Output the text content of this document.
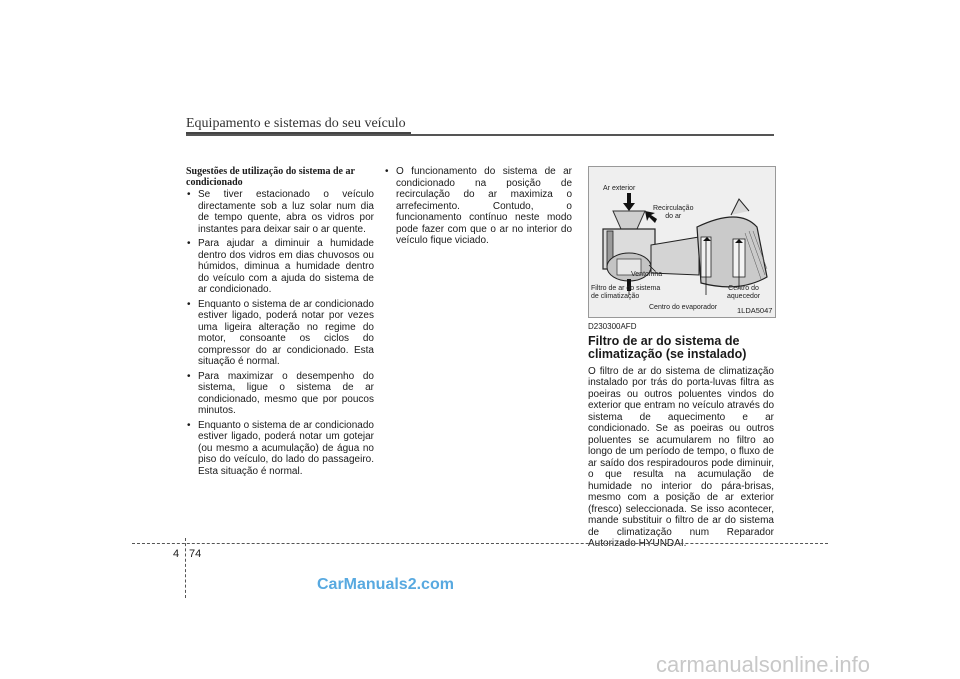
Equipamento e sistemas do seu veículo
Sugestões de utilização do sistema de ar condicionado
• Se tiver estacionado o veículo directamente sob a luz solar num dia de tempo quente, abra os vidros por instantes para deixar sair o ar quente.
• Para ajudar a diminuir a humidade dentro dos vidros em dias chuvosos ou húmidos, diminua a humidade dentro do veículo com a ajuda do sistema de ar condicionado.
• Enquanto o sistema de ar condicionado estiver ligado, poderá notar por vezes uma ligeira alteração no regime do motor, consoante os ciclos do compressor do ar condicionado. Esta situação é normal.
• Para maximizar o desempenho do sistema, ligue o sistema de ar condicionado, mesmo que por poucos minutos.
• Enquanto o sistema de ar condicionado estiver ligado, poderá notar um gotejar (ou mesmo a acumulação) de água no piso do veículo, do lado do passageiro. Esta situação é normal.
• O funcionamento do sistema de ar condicionado na posição de recirculação do ar maximiza o arrefecimento. Contudo, o funcionamento contínuo neste modo pode fazer com que o ar no interior do veículo fique viciado.
Ar exterior
Recirculação
do ar
Ventoinha
Filtro de ar do sistema
de climatização
Centro do
aquecedor
Centro do evaporador	1LDA5047
D230300AFD
Filtro de ar do sistema de climatização (se instalado)
O filtro de ar do sistema de climatização instalado por trás do porta-luvas filtra as poeiras ou outros poluentes vindos do exterior que entram no veículo através do sistema de aquecimento e ar condicionado. Se as poeiras ou outros poluentes se acumularem no filtro ao longo de um período de tempo, o fluxo de ar saído dos respiradouros pode diminuir, o que resulta na acumulação de humidade no interior do pára-brisas, mesmo com a posição de ar exterior (fresco) seleccionada. Se isso acontecer, mande substituir o filtro de ar do sistema de climatização num Reparador Autorizado HYUNDAI.
4 74
CarManuals2.com
carmanualsonline.info
